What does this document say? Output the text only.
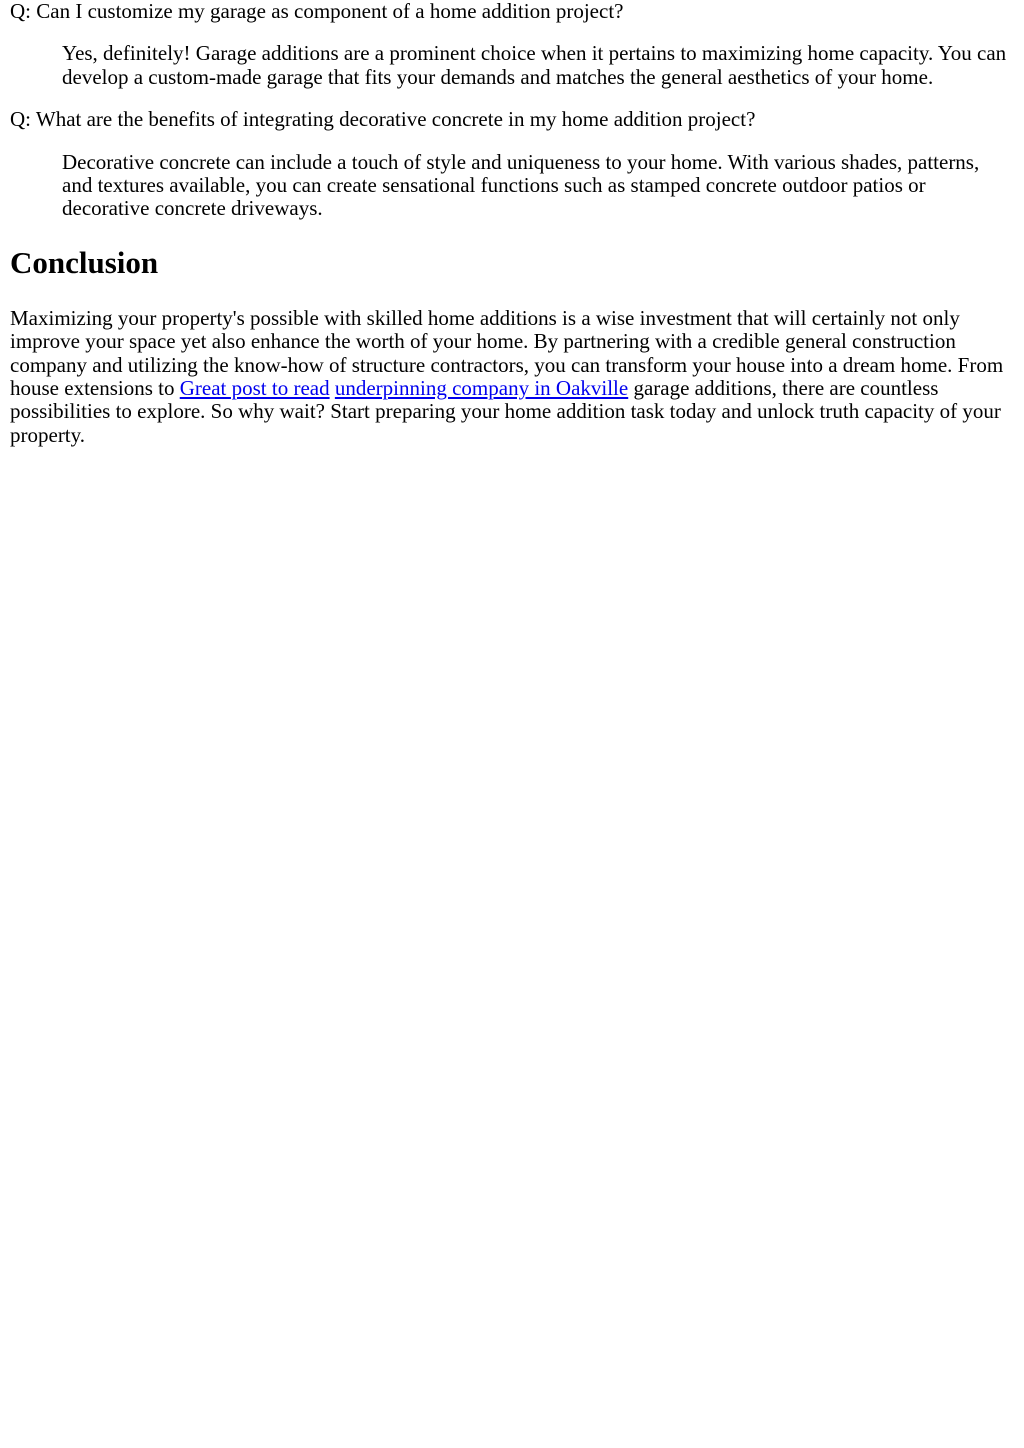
Q: Can I customize my garage as component of a home addition project?
Yes, definitely! Garage additions are a prominent choice when it pertains to maximizing home capacity. You can develop a custom-made garage that fits your demands and matches the general aesthetics of your home.
Q: What are the benefits of integrating decorative concrete in my home addition project?
Decorative concrete can include a touch of style and uniqueness to your home. With various shades, patterns, and textures available, you can create sensational functions such as stamped concrete outdoor patios or decorative concrete driveways.
Conclusion

Maximizing your property's possible with skilled home additions is a wise investment that will certainly not only improve your space yet also enhance the worth of your home. By partnering with a credible general construction company and utilizing the know-how of structure contractors, you can transform your house into a dream home. From house extensions to Great post to read underpinning company in Oakville garage additions, there are countless possibilities to explore. So why wait? Start preparing your home addition task today and unlock truth capacity of your property.
